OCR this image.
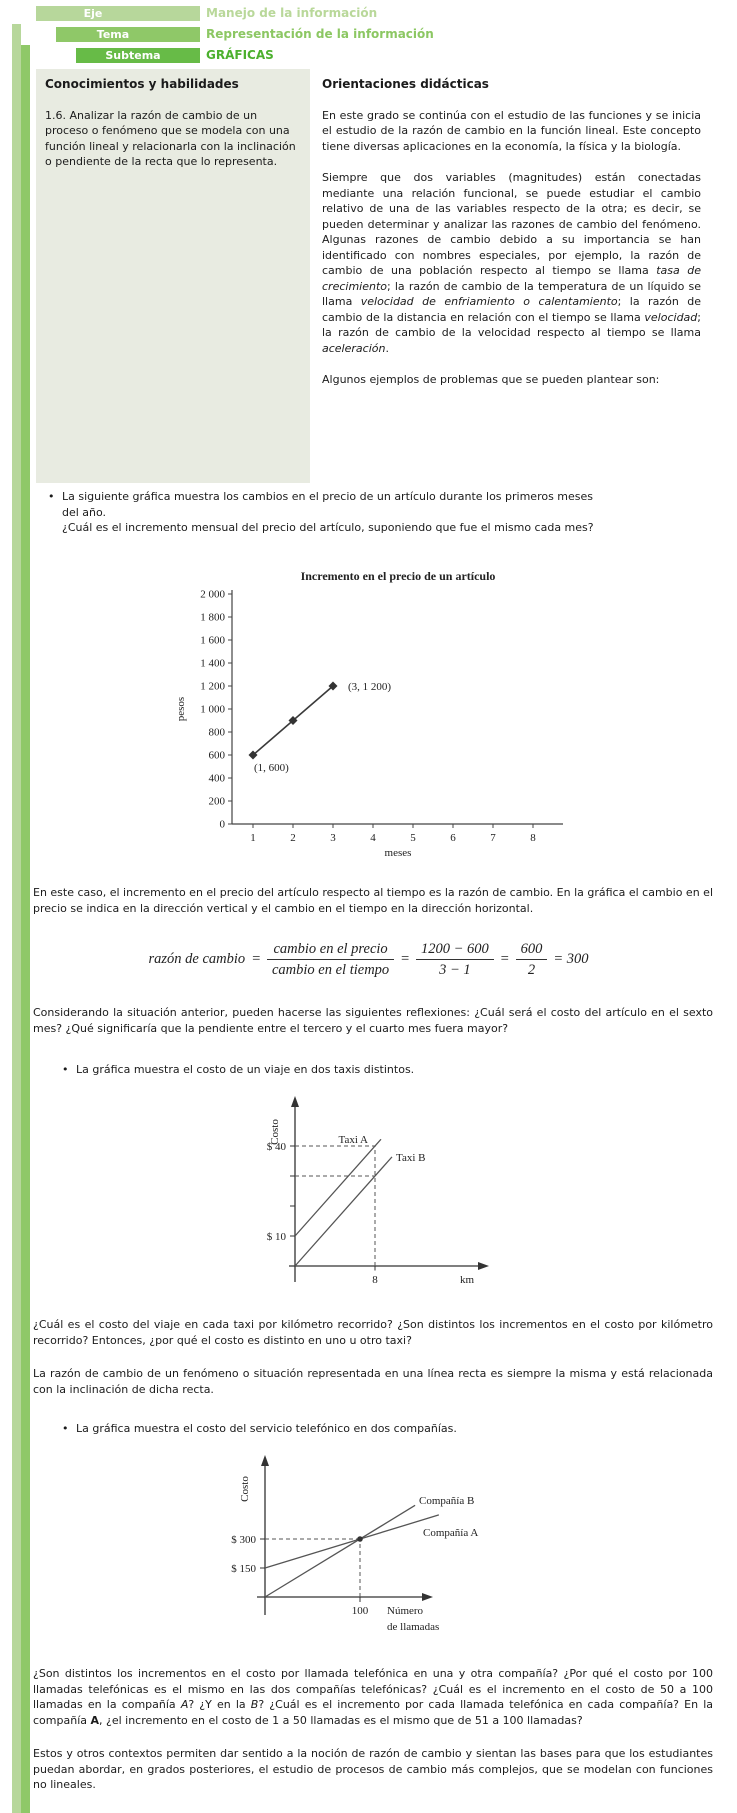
Eje	Manejo de la información
Tema	Representación de la información
Subtema	GRÁFICAS
Conocimientos y habilidades

1.6. Analizar la razón de cambio de un proceso o fenómeno que se modela con una función lineal y relacionarla con la inclinación o pendiente de la recta que lo representa.

Orientaciones didácticas

En este grado se continúa con el estudio de las funciones y se inicia el estudio de la razón de cambio en la función lineal. Este concepto tiene diversas aplicaciones en la economía, la física y la biología.

Siempre que dos variables (magnitudes) están conectadas mediante una relación funcional, se puede estudiar el cambio relativo de una de las variables respecto de la otra; es decir, se pueden determinar y analizar las razones de cambio del fenómeno. Algunas razones de cambio debido a su importancia se han identificado con nombres especiales, por ejemplo, la razón de cambio de una población respecto al tiempo se llama tasa de crecimiento; la razón de cambio de la temperatura de un líquido se llama velocidad de enfriamiento o calentamiento; la razón de cambio de la distancia en relación con el tiempo se llama velocidad; la razón de cambio de la velocidad respecto al tiempo se llama aceleración.

Algunos ejemplos de problemas que se pueden plantear son:

• La siguiente gráfica muestra los cambios en el precio de un artículo durante los primeros meses del año.
¿Cuál es el incremento mensual del precio del artículo, suponiendo que fue el mismo cada mes?
Incremento en el precio de un artículo
0
200
400
600
800
1 000
1 200
1 400
1 600
1 800
2 000
1	2	3	4	5	6	7	8
meses
pesos
(3, 1 200)
(1, 600)
En este caso, el incremento en el precio del artículo respecto al tiempo es la razón de cambio. En la gráfica el cambio en el precio se indica en la dirección vertical y el cambio en el tiempo en la dirección horizontal.
razón de cambio = $\frac{\text{cambio en el precio}}{\text{cambio en el tiempo}} = \frac{1200 - 600}{3 - 1} = \frac{600}{2} = 300$
Considerando la situación anterior, pueden hacerse las siguientes reflexiones: ¿Cuál será el costo del artículo en el sexto mes? ¿Qué significaría que la pendiente entre el tercero y el cuarto mes fuera mayor?
• La gráfica muestra el costo de un viaje en dos taxis distintos.
Taxi A
Taxi B
$ 40
$ 10
8	km
Costo
¿Cuál es el costo del viaje en cada taxi por kilómetro recorrido? ¿Son distintos los incrementos en el costo por kilómetro recorrido? Entonces, ¿por qué el costo es distinto en uno u otro taxi?
La razón de cambio de un fenómeno o situación representada en una línea recta es siempre la misma y está relacionada con la inclinación de dicha recta.
• La gráfica muestra el costo del servicio telefónico en dos compañías.
Compañía B
Compañía A
$ 300
$ 150
100 Número
de llamadas
Costo
¿Son distintos los incrementos en el costo por llamada telefónica en una y otra compañía? ¿Por qué el costo por 100 llamadas telefónicas es el mismo en las dos compañías telefónicas? ¿Cuál es el incremento en el costo de 50 a 100 llamadas en la compañía A? ¿Y en la B? ¿Cuál es el incremento por cada llamada telefónica en cada compañía? En la compañía A, ¿el incremento en el costo de 1 a 50 llamadas es el mismo que de 51 a 100 llamadas?
Estos y otros contextos permiten dar sentido a la noción de razón de cambio y sientan las bases para que los estudiantes puedan abordar, en grados posteriores, el estudio de procesos de cambio más complejos, que se modelan con funciones no lineales.
